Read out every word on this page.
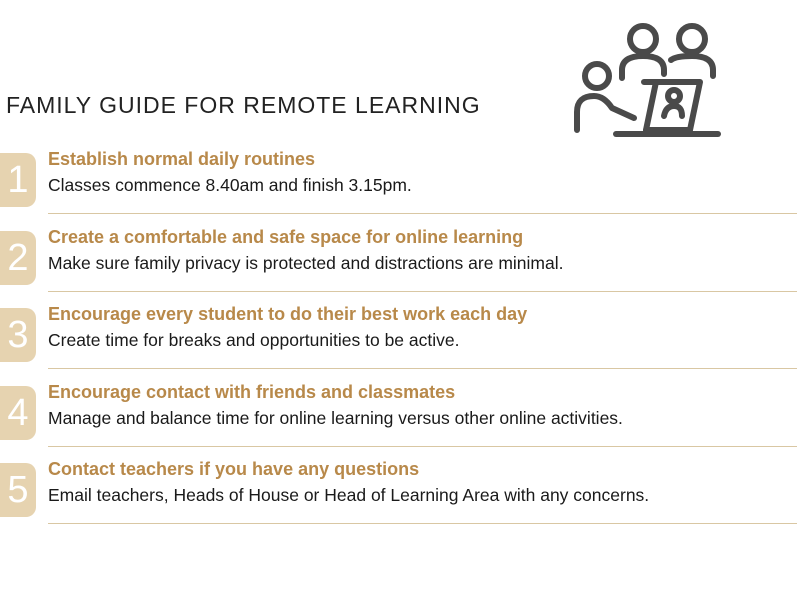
FAMILY GUIDE FOR REMOTE LEARNING
1	Establish normal daily routines
Classes commence 8.40am and finish 3.15pm.
2	Create a comfortable and safe space for online learning
Make sure family privacy is protected and distractions are minimal.
3	Encourage every student to do their best work each day
Create time for breaks and opportunities to be active.
4	Encourage contact with friends and classmates
Manage and balance time for online learning versus other online activities.
5	Contact teachers if you have any questions
Email teachers, Heads of House or Head of Learning Area with any concerns.
